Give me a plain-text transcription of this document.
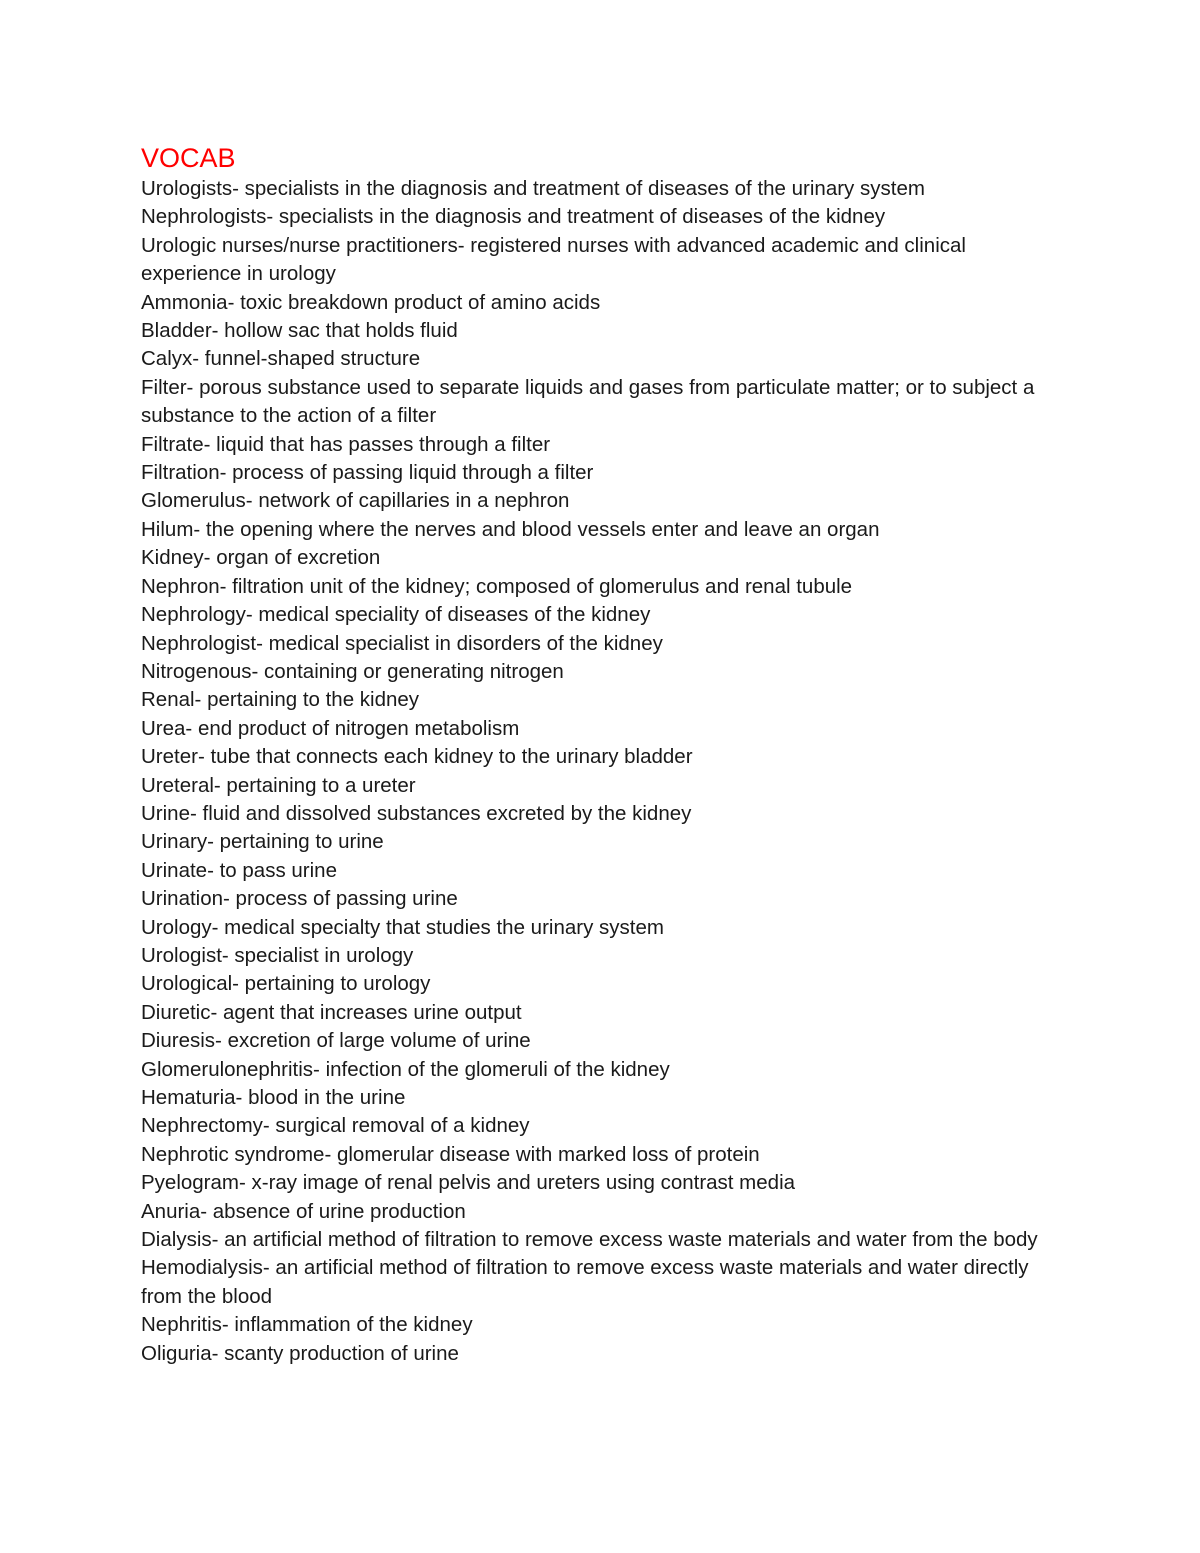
VOCAB
Urologists- specialists in the diagnosis and treatment of diseases of the urinary system
Nephrologists- specialists in the diagnosis and treatment of diseases of the kidney
Urologic nurses/nurse practitioners- registered nurses with advanced academic and clinical experience in urology
Ammonia- toxic breakdown product of amino acids
Bladder- hollow sac that holds fluid
Calyx- funnel-shaped structure
Filter- porous substance used to separate liquids and gases from particulate matter; or to subject a substance to the action of a filter
Filtrate- liquid that has passes through a filter
Filtration- process of passing liquid through a filter
Glomerulus- network of capillaries in a nephron
Hilum- the opening where the nerves and blood vessels enter and leave an organ
Kidney- organ of excretion
Nephron- filtration unit of the kidney; composed of glomerulus and renal tubule
Nephrology- medical speciality of diseases of the kidney
Nephrologist- medical specialist in disorders of the kidney
Nitrogenous- containing or generating nitrogen
Renal- pertaining to the kidney
Urea- end product of nitrogen metabolism
Ureter- tube that connects each kidney to the urinary bladder
Ureteral- pertaining to a ureter
Urine- fluid and dissolved substances excreted by the kidney
Urinary- pertaining to urine
Urinate- to pass urine
Urination- process of passing urine
Urology- medical specialty that studies the urinary system
Urologist- specialist in urology
Urological- pertaining to urology
Diuretic- agent that increases urine output
Diuresis- excretion of large volume of urine
Glomerulonephritis- infection of the glomeruli of the kidney
Hematuria- blood in the urine
Nephrectomy- surgical removal of a kidney
Nephrotic syndrome- glomerular disease with marked loss of protein
Pyelogram- x-ray image of renal pelvis and ureters using contrast media
Anuria- absence of urine production
Dialysis- an artificial method of filtration to remove excess waste materials and water from the body
Hemodialysis- an artificial method of filtration to remove excess waste materials and water directly from the blood
Nephritis- inflammation of the kidney
Oliguria- scanty production of urine
